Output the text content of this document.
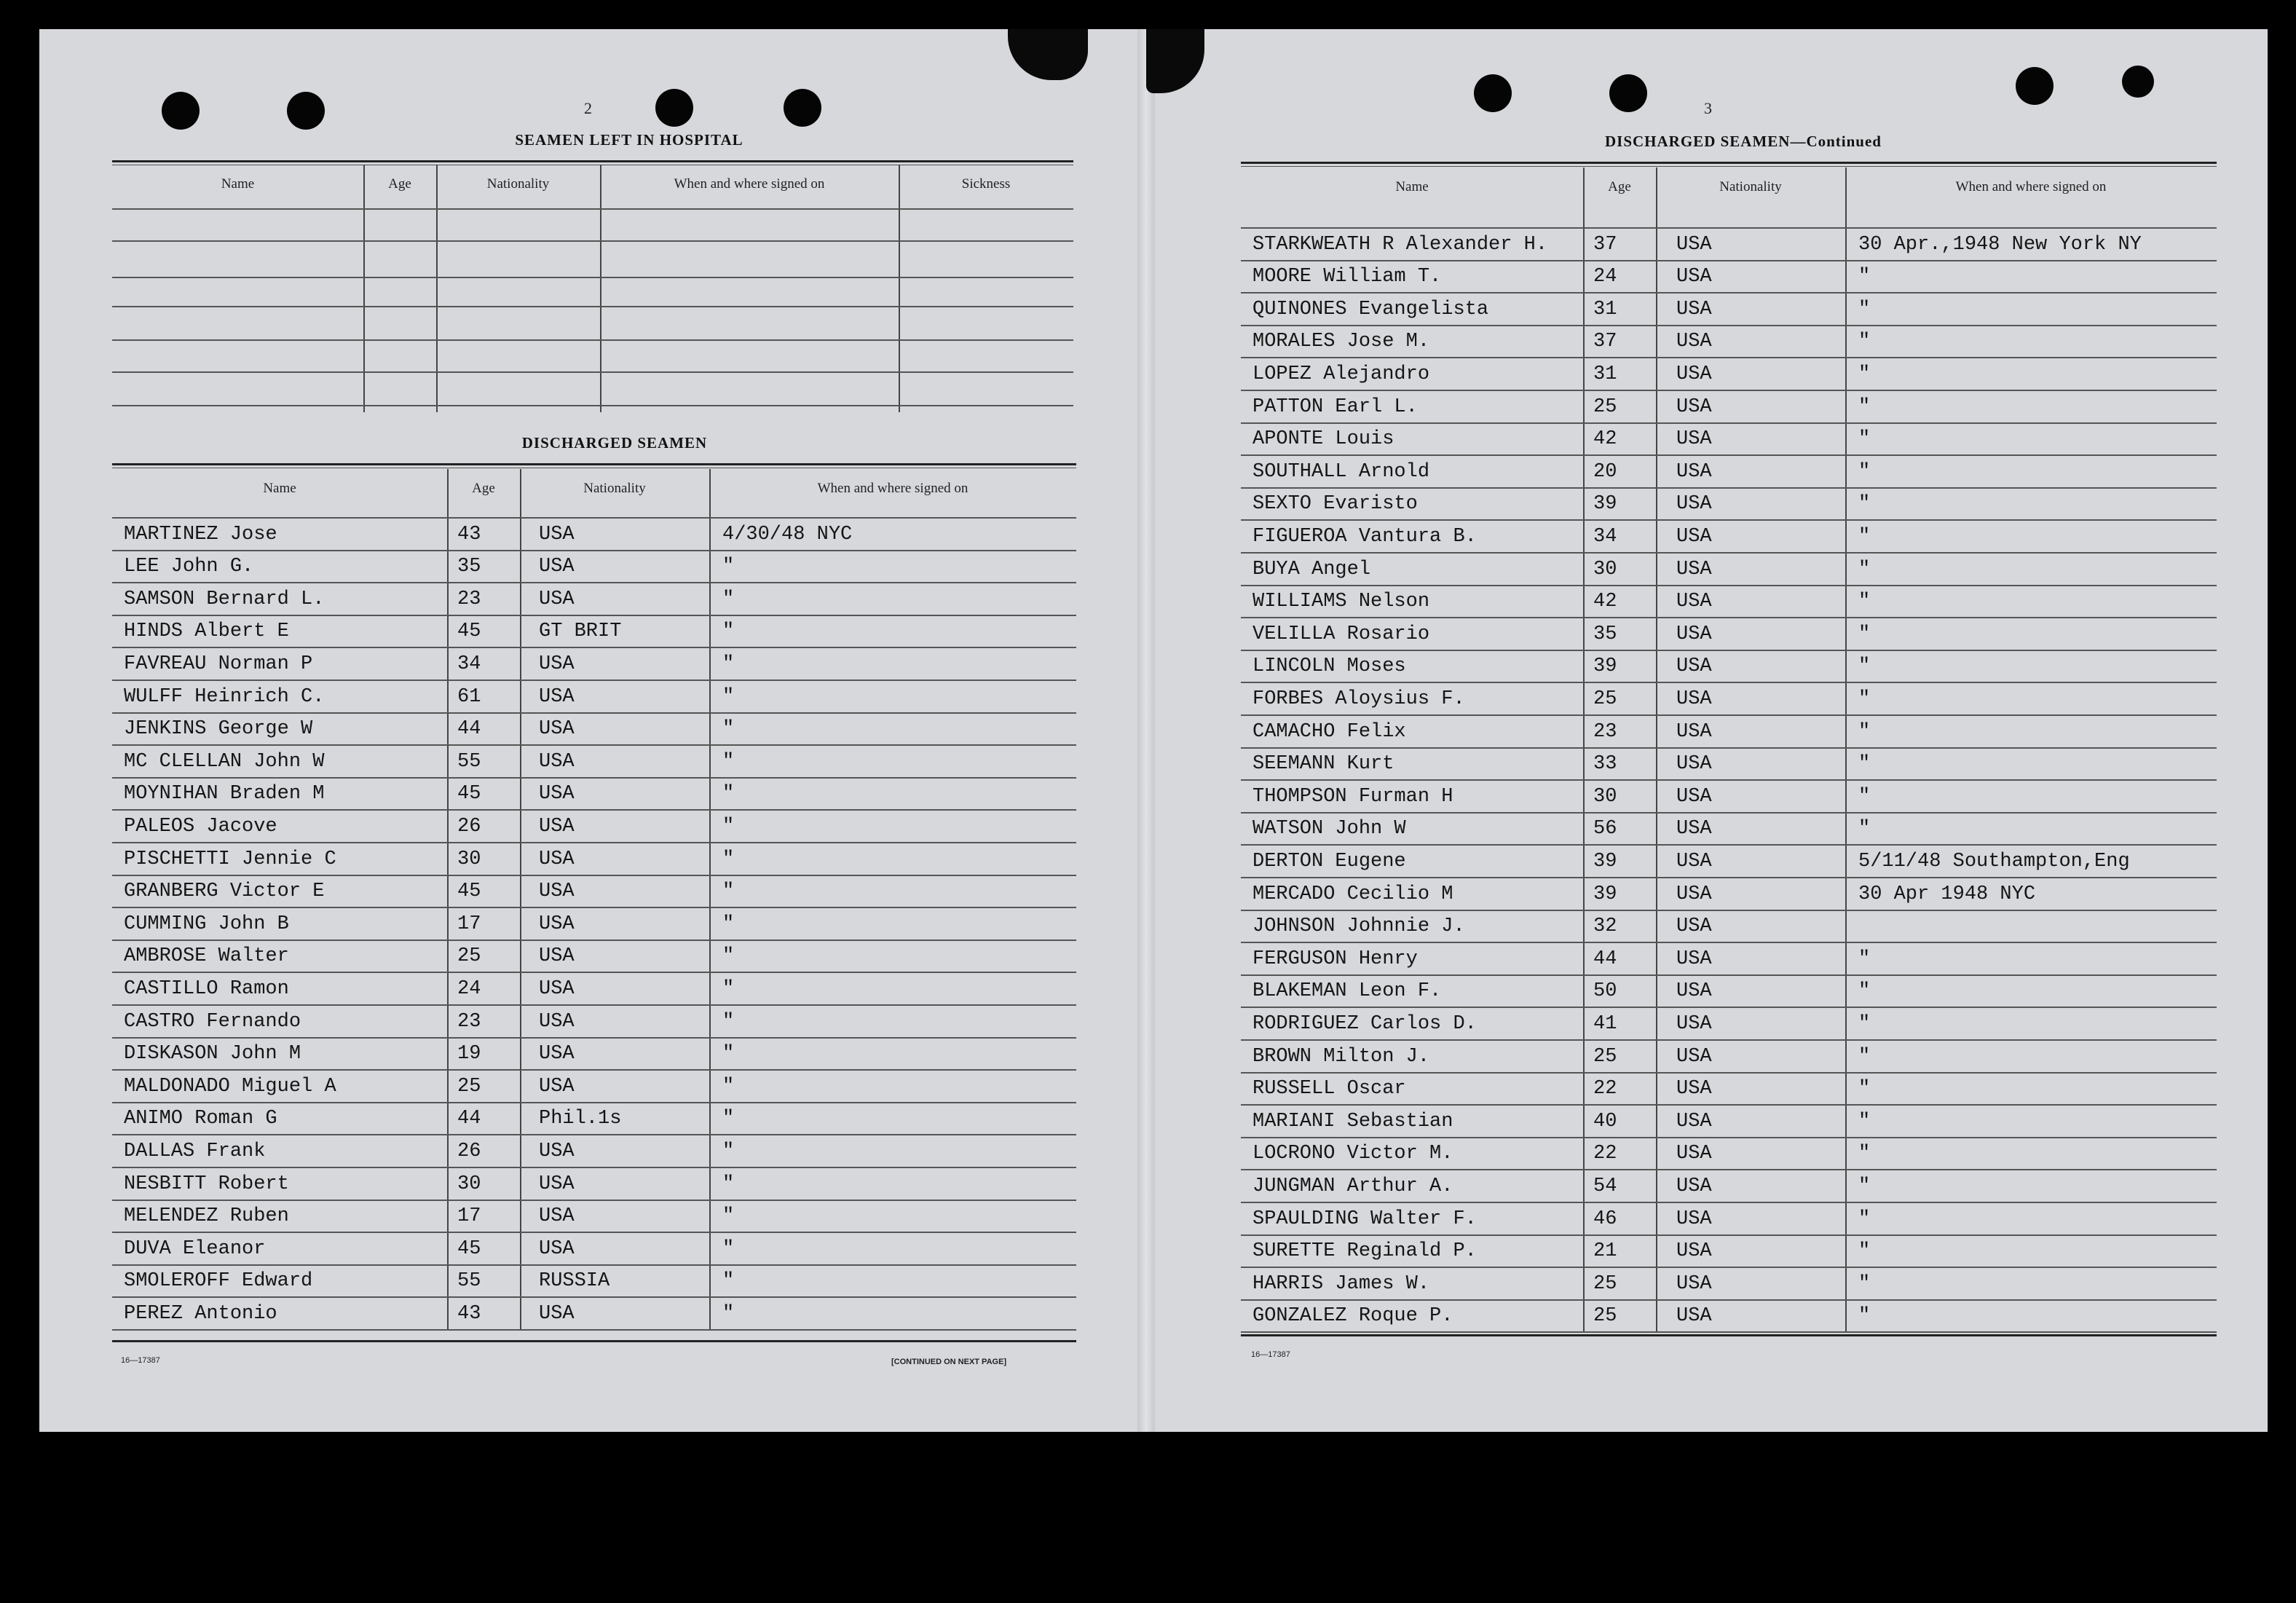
2
SEAMEN LEFT IN HOSPITAL
Name	Age	Nationality	When and where signed on	Sickness
DISCHARGED SEAMEN
Name	Age	Nationality	When and where signed on
MARTINEZ Jose	43	USA	4/30/48 NYC
LEE John G.	35	USA	"
SAMSON Bernard L.	23	USA	"
HINDS Albert E	45	GT BRIT	"
FAVREAU Norman P	34	USA	"
WULFF Heinrich C.	61	USA	"
JENKINS George W	44	USA	"
MC CLELLAN John W	55	USA	"
MOYNIHAN Braden M	45	USA	"
PALEOS Jacove	26	USA	"
PISCHETTI Jennie C	30	USA	"
GRANBERG Victor E	45	USA	"
CUMMING John B	17	USA	"
AMBROSE Walter	25	USA	"
CASTILLO Ramon	24	USA	"
CASTRO Fernando	23	USA	"
DISKASON John M	19	USA	"
MALDONADO Miguel A	25	USA	"
ANIMO Roman G	44	Phil.1s	"
DALLAS Frank	26	USA	"
NESBITT Robert	30	USA	"
MELENDEZ Ruben	17	USA	"
DUVA Eleanor	45	USA	"
SMOLEROFF Edward	55	RUSSIA	"
PEREZ Antonio	43	USA	"
16—17387	[CONTINUED ON NEXT PAGE]
3
DISCHARGED SEAMEN—Continued
Name	Age	Nationality	When and where signed on
STARKWEATH R Alexander H. 37	USA	30 Apr.,1948 New York NY
MOORE William T.	24	USA	"
QUINONES Evangelista	31	USA	"
MORALES Jose M.	37	USA	"
LOPEZ Alejandro	31	USA	"
PATTON Earl L.	25	USA	"
APONTE Louis	42	USA	"
SOUTHALL Arnold	20	USA	"
SEXTO Evaristo	39	USA	"
FIGUEROA Vantura B.	34	USA	"
BUYA Angel	30	USA	"
WILLIAMS Nelson	42	USA	"
VELILLA Rosario	35	USA	"
LINCOLN Moses	39	USA	"
FORBES Aloysius F.	25	USA	"
CAMACHO Felix	23	USA	"
SEEMANN Kurt	33	USA	"
THOMPSON Furman H	30	USA	"
WATSON John W	56	USA	"
DERTON Eugene	39	USA	5/11/48 Southampton,Eng
MERCADO Cecilio M	39	USA	30 Apr 1948 NYC
JOHNSON Johnnie J.	32	USA
FERGUSON Henry	44	USA	"
BLAKEMAN Leon F.	50	USA	"
RODRIGUEZ Carlos D.	41	USA	"
BROWN Milton J.	25	USA	"
RUSSELL Oscar	22	USA	"
MARIANI Sebastian	40	USA	"
LOCRONO Victor M.	22	USA	"
JUNGMAN Arthur A.	54	USA	"
SPAULDING Walter F.	46	USA	"
SURETTE Reginald P.	21	USA	"
HARRIS James W.	25	USA	"
GONZALEZ Roque P.	25	USA	"
16—17387
